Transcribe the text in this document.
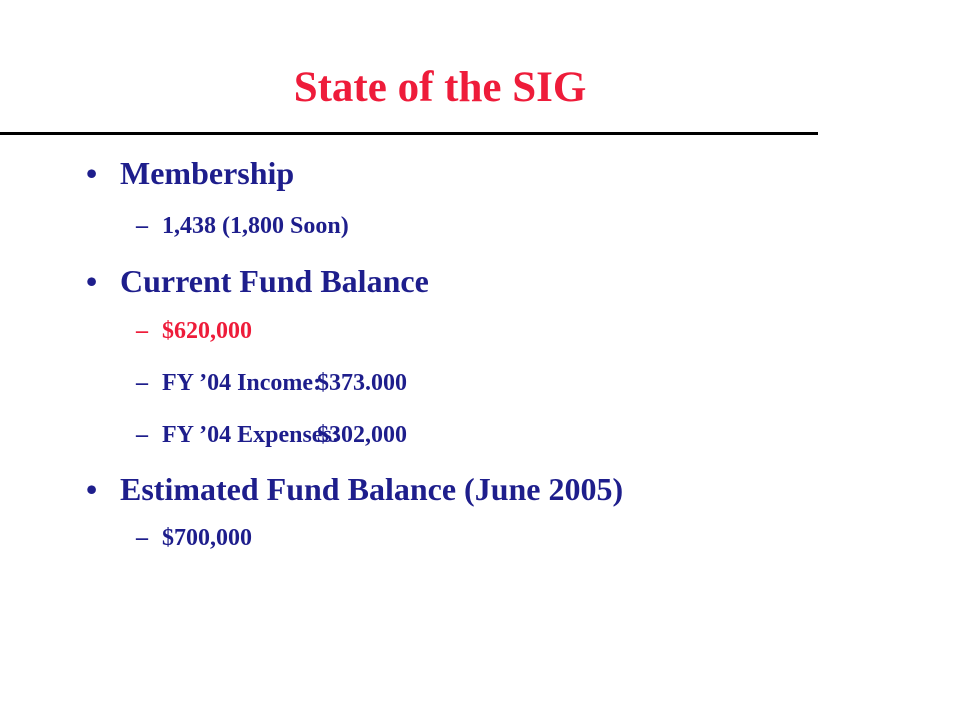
State of the SIG
• Membership
– 1,438 (1,800 Soon)
• Current Fund Balance
– $620,000
– FY ’04 Income:$373.000
– FY ’04 Expenses:$302,000
• Estimated Fund Balance (June 2005)
– $700,000
